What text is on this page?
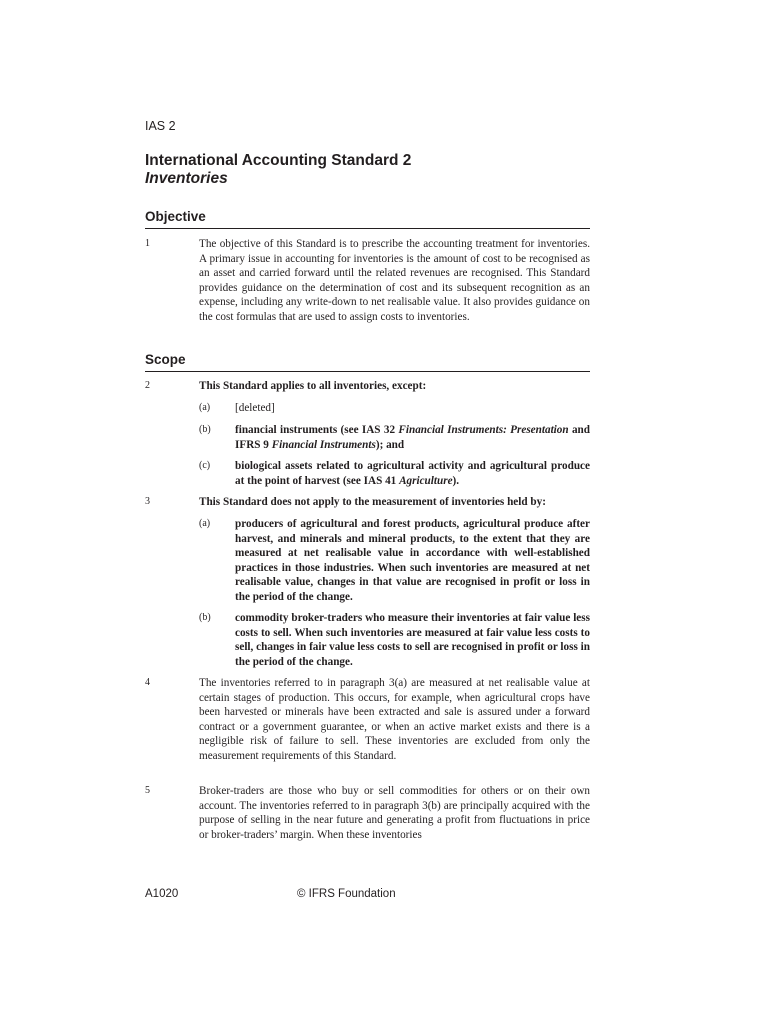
IAS 2
International Accounting Standard 2
Inventories
Objective
1	The objective of this Standard is to prescribe the accounting treatment for inventories. A primary issue in accounting for inventories is the amount of cost to be recognised as an asset and carried forward until the related revenues are recognised. This Standard provides guidance on the determination of cost and its subsequent recognition as an expense, including any write-down to net realisable value. It also provides guidance on the cost formulas that are used to assign costs to inventories.
Scope
2	This Standard applies to all inventories, except:
(a) [deleted]
(b) financial instruments (see IAS 32 Financial Instruments: Presentation and IFRS 9 Financial Instruments); and
(c) biological assets related to agricultural activity and agricultural produce at the point of harvest (see IAS 41 Agriculture).
3	This Standard does not apply to the measurement of inventories held by:
(a) producers of agricultural and forest products, agricultural produce after harvest, and minerals and mineral products, to the extent that they are measured at net realisable value in accordance with well-established practices in those industries. When such inventories are measured at net realisable value, changes in that value are recognised in profit or loss in the period of the change.
(b) commodity broker-traders who measure their inventories at fair value less costs to sell. When such inventories are measured at fair value less costs to sell, changes in fair value less costs to sell are recognised in profit or loss in the period of the change.
4	The inventories referred to in paragraph 3(a) are measured at net realisable value at certain stages of production. This occurs, for example, when agricultural crops have been harvested or minerals have been extracted and sale is assured under a forward contract or a government guarantee, or when an active market exists and there is a negligible risk of failure to sell. These inventories are excluded from only the measurement requirements of this Standard.
5	Broker-traders are those who buy or sell commodities for others or on their own account. The inventories referred to in paragraph 3(b) are principally acquired with the purpose of selling in the near future and generating a profit from fluctuations in price or broker-traders’ margin. When these inventories
A1020	© IFRS Foundation
